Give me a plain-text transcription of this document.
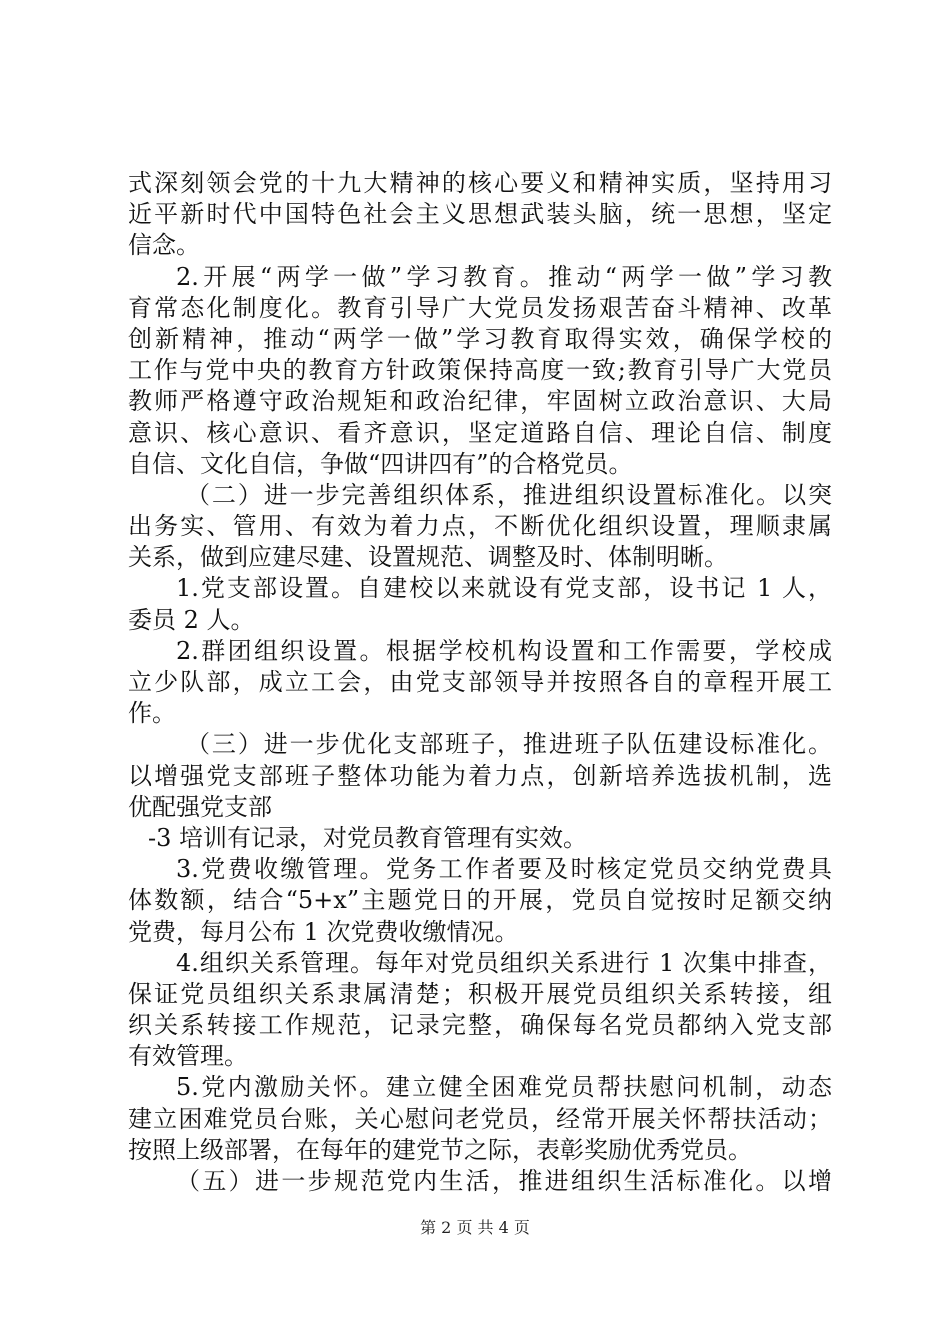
式深刻领会党的十九大精神的核心要义和精神实质，坚持用习
近平新时代中国特色社会主义思想武装头脑，统一思想，坚定
信念。
2.开展“两学一做”学习教育。推动“两学一做”学习教
育常态化制度化。教育引导广大党员发扬艰苦奋斗精神、改革
创新精神，推动“两学一做”学习教育取得实效，确保学校的
工作与党中央的教育方针政策保持高度一致;教育引导广大党员
教师严格遵守政治规矩和政治纪律，牢固树立政治意识、大局
意识、核心意识、看齐意识，坚定道路自信、理论自信、制度
自信、文化自信，争做“四讲四有”的合格党员。
（二）进一步完善组织体系，推进组织设置标准化。以突
出务实、管用、有效为着力点，不断优化组织设置，理顺隶属
关系，做到应建尽建、设置规范、调整及时、体制明晰。
1.党支部设置。自建校以来就设有党支部，设书记 1 人，
委员 2 人。
2.群团组织设置。根据学校机构设置和工作需要，学校成
立少队部，成立工会，由党支部领导并按照各自的章程开展工
作。
（三）进一步优化支部班子，推进班子队伍建设标准化。
以增强党支部班子整体功能为着力点，创新培养选拔机制，选
优配强党支部
-3 培训有记录，对党员教育管理有实效。
3.党费收缴管理。党务工作者要及时核定党员交纳党费具
体数额，结合“5+x”主题党日的开展，党员自觉按时足额交纳
党费，每月公布 1 次党费收缴情况。
4.组织关系管理。每年对党员组织关系进行 1 次集中排查，
保证党员组织关系隶属清楚；积极开展党员组织关系转接，组
织关系转接工作规范，记录完整，确保每名党员都纳入党支部
有效管理。
5.党内激励关怀。建立健全困难党员帮扶慰问机制，动态
建立困难党员台账，关心慰问老党员，经常开展关怀帮扶活动；
按照上级部署，在每年的建党节之际，表彰奖励优秀党员。
（五）进一步规范党内生活，推进组织生活标准化。以增
第 2 页 共 4 页
